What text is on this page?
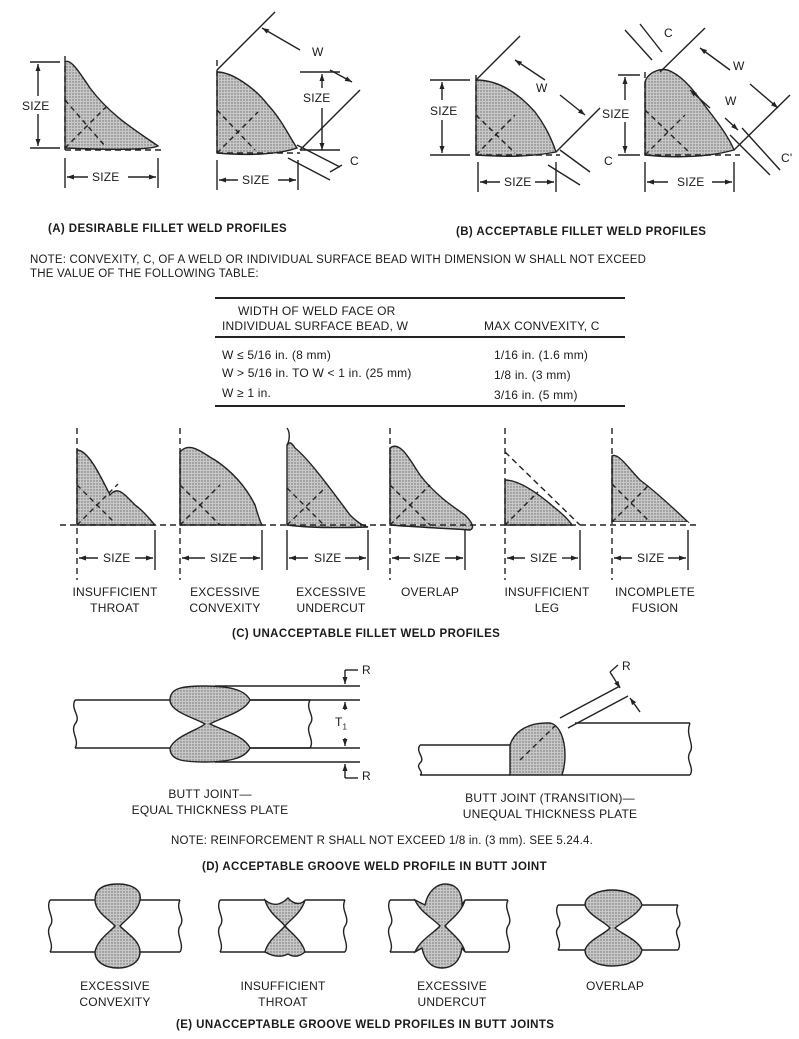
SIZE
SIZE
SIZE
SIZE
W
C
SIZE
SIZE
W
C
SIZE
SIZE
W
W
C
C'
(A) DESIRABLE FILLET WELD PROFILES	(B) ACCEPTABLE FILLET WELD PROFILES
NOTE: CONVEXITY, C, OF A WELD OR INDIVIDUAL SURFACE BEAD WITH DIMENSION W SHALL NOT EXCEED
THE VALUE OF THE FOLLOWING TABLE:
WIDTH OF WELD FACE OR
INDIVIDUAL SURFACE BEAD, W	MAX CONVEXITY, C
W ≤ 5/16 in. (8 mm)	1/16 in. (1.6 mm)
W > 5/16 in. TO W < 1 in. (25 mm)	1/8 in. (3 mm)
W ≥ 1 in.	3/16 in. (5 mm)
SIZE	SIZE	SIZE	SIZE	SIZE	SIZE
INSUFFICIENT
THROAT
EXCESSIVE
CONVEXITY
EXCESSIVE
UNDERCUT
OVERLAP	INSUFFICIENT
LEG
INCOMPLETE
FUSION
(C) UNACCEPTABLE FILLET WELD PROFILES
R
$T_1$
R
R
BUTT JOINT—
EQUAL THICKNESS PLATE
BUTT JOINT (TRANSITION)—
UNEQUAL THICKNESS PLATE
NOTE: REINFORCEMENT R SHALL NOT EXCEED 1/8 in. (3 mm). SEE 5.24.4.
(D) ACCEPTABLE GROOVE WELD PROFILE IN BUTT JOINT
EXCESSIVE
CONVEXITY
INSUFFICIENT
THROAT
EXCESSIVE
UNDERCUT
OVERLAP
(E) UNACCEPTABLE GROOVE WELD PROFILES IN BUTT JOINTS
